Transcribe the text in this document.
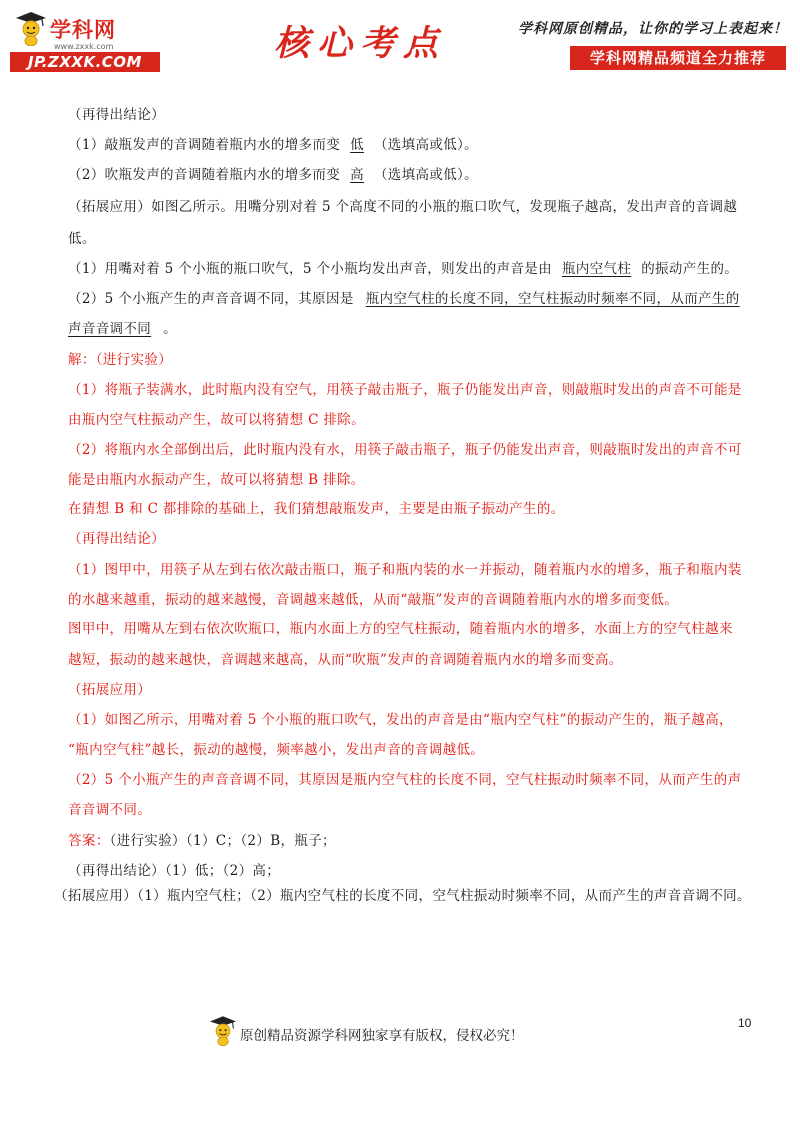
学科网
www.zxxk.com
JP.ZXXK.COM	核心考点	学科网原创精品，让你的学习上表起来！
学科网精品频道全力推荐
（再得出结论）
（1）敲瓶发声的音调随着瓶内水的增多而变 低 （选填高或低）。
（2）吹瓶发声的音调随着瓶内水的增多而变 高 （选填高或低）。
（拓展应用）如图乙所示。用嘴分别对着 5 个高度不同的小瓶的瓶口吹气，发现瓶子越高，发出声音的音调越
低。
（1）用嘴对着 5 个小瓶的瓶口吹气，5 个小瓶均发出声音，则发出的声音是由 瓶内空气柱 的振动产生的。
（2）5 个小瓶产生的声音音调不同，其原因是 瓶内空气柱的长度不同，空气柱振动时频率不同，从而产生的
声音音调不同 。
解：（进行实验）
（1）将瓶子装满水，此时瓶内没有空气，用筷子敲击瓶子，瓶子仍能发出声音，则敲瓶时发出的声音不可能是
由瓶内空气柱振动产生，故可以将猜想 C 排除。
（2）将瓶内水全部倒出后，此时瓶内没有水，用筷子敲击瓶子，瓶子仍能发出声音，则敲瓶时发出的声音不可
能是由瓶内水振动产生，故可以将猜想 B 排除。
在猜想 B 和 C 都排除的基础上，我们猜想敲瓶发声，主要是由瓶子振动产生的。
（再得出结论）
（1）图甲中，用筷子从左到右依次敲击瓶口，瓶子和瓶内装的水一并振动，随着瓶内水的增多，瓶子和瓶内装
的水越来越重，振动的越来越慢，音调越来越低，从而“敲瓶”发声的音调随着瓶内水的增多而变低。
图甲中，用嘴从左到右依次吹瓶口，瓶内水面上方的空气柱振动，随着瓶内水的增多，水面上方的空气柱越来
越短，振动的越来越快，音调越来越高，从而“吹瓶”发声的音调随着瓶内水的增多而变高。
（拓展应用）
（1）如图乙所示，用嘴对着 5 个小瓶的瓶口吹气，发出的声音是由“瓶内空气柱”的振动产生的，瓶子越高，
“瓶内空气柱”越长，振动的越慢，频率越小，发出声音的音调越低。
（2）5 个小瓶产生的声音音调不同，其原因是瓶内空气柱的长度不同，空气柱振动时频率不同，从而产生的声
音音调不同。
答案：（进行实验）（1）C；（2）B，瓶子；
（再得出结论）（1）低；（2）高；
（拓展应用）（1）瓶内空气柱；（2）瓶内空气柱的长度不同，空气柱振动时频率不同，从而产生的声音音调不同。
原创精品资源学科网独家享有版权，侵权必究！
10
